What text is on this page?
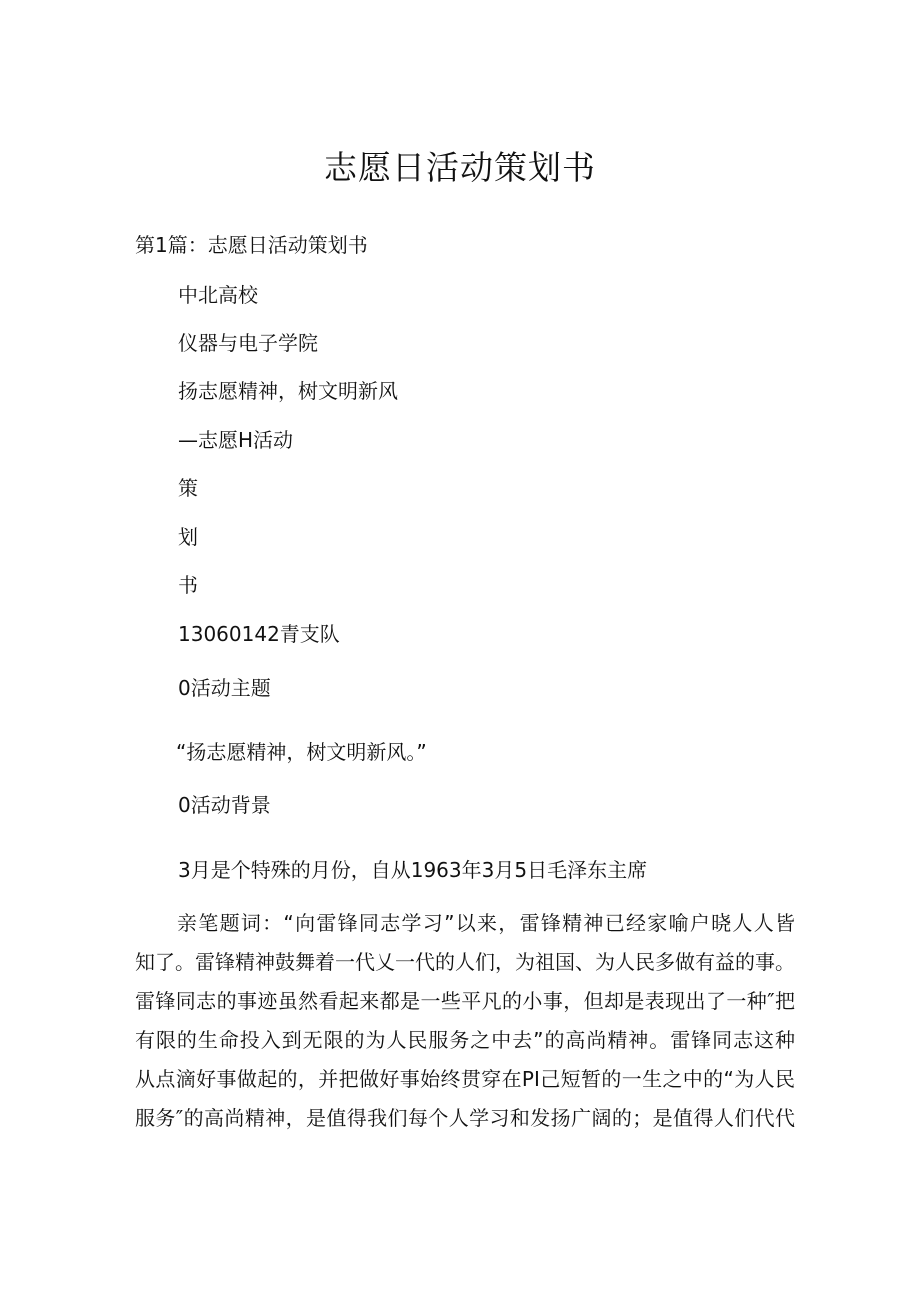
志愿日活动策划书
第1篇：志愿日活动策划书
中北高校
仪器与电子学院
扬志愿精神，树文明新风
—志愿H活动
策
划
书
13060142青支队
0活动主题
“扬志愿精神，树文明新风。”
0活动背景
3月是个特殊的月份，自从1963年3月5日毛泽东主席
亲笔题词：“向雷锋同志学习”以来，雷锋精神已经家喻户晓人人皆
知了。雷锋精神鼓舞着一代乂一代的人们，为祖国、为人民多做有益的事。
雷锋同志的事迹虽然看起来都是一些平凡的小事，但却是表现出了一种″把
有限的生命投入到无限的为人民服务之中去”的高尚精神。雷锋同志这种
从点滴好事做起的，并把做好事始终贯穿在PI己短暂的一生之中的“为人民
服务″的高尚精神，是值得我们每个人学习和发扬广阔的；是值得人们代代
